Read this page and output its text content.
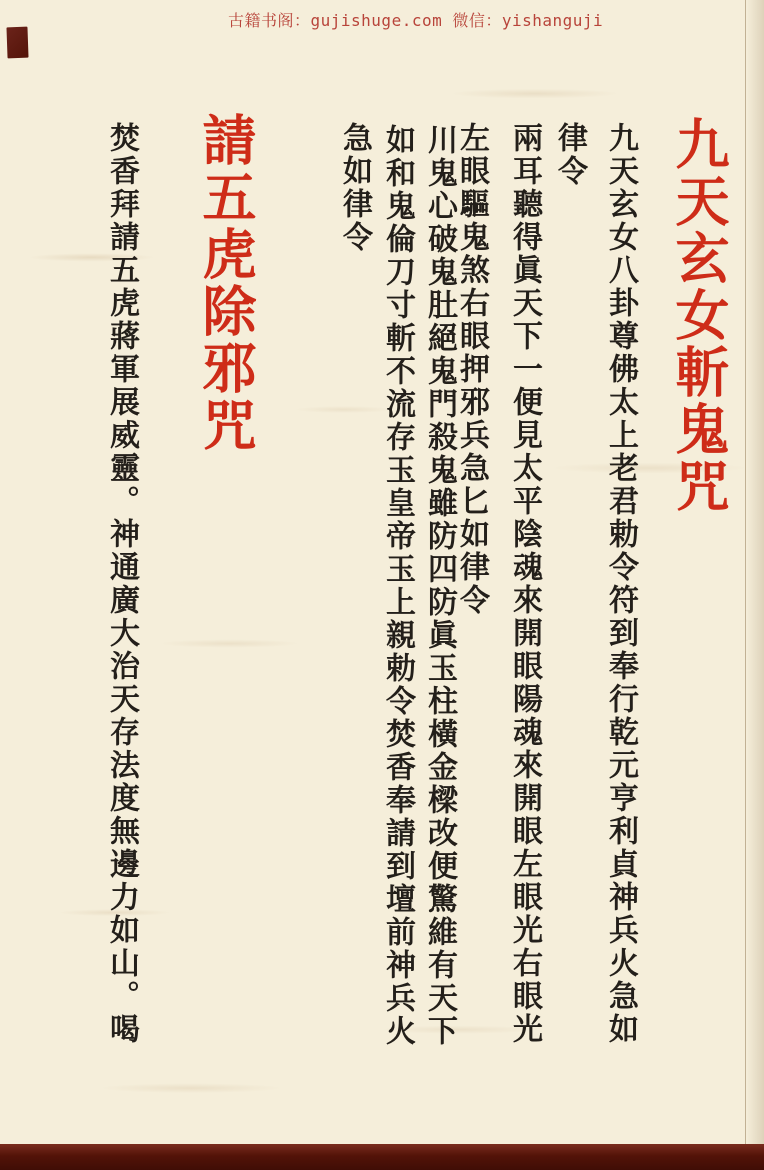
古籍书阁：gujishuge.com 微信：yishanguji
九天玄女斬鬼咒
九天玄女八卦尊佛太上老君勅令符到奉行乾元亨利貞神兵火急如
律令
兩耳聽得眞天下一便見太平陰魂來開眼陽魂來開眼左眼光右眼光
左眼驅鬼煞右眼押邪兵急匕如律令
川鬼心破鬼肚絕鬼門殺鬼雖防四防眞玉柱橫金樑改便驚維有天下
如和鬼倫刀寸斬不流存玉皇帝玉上親勅令焚香奉請到壇前神兵火
急如律令
請五虎除邪咒
焚香拜請五虎蔣軍展威靈。神通廣大治天存法度無邊力如山。喝
